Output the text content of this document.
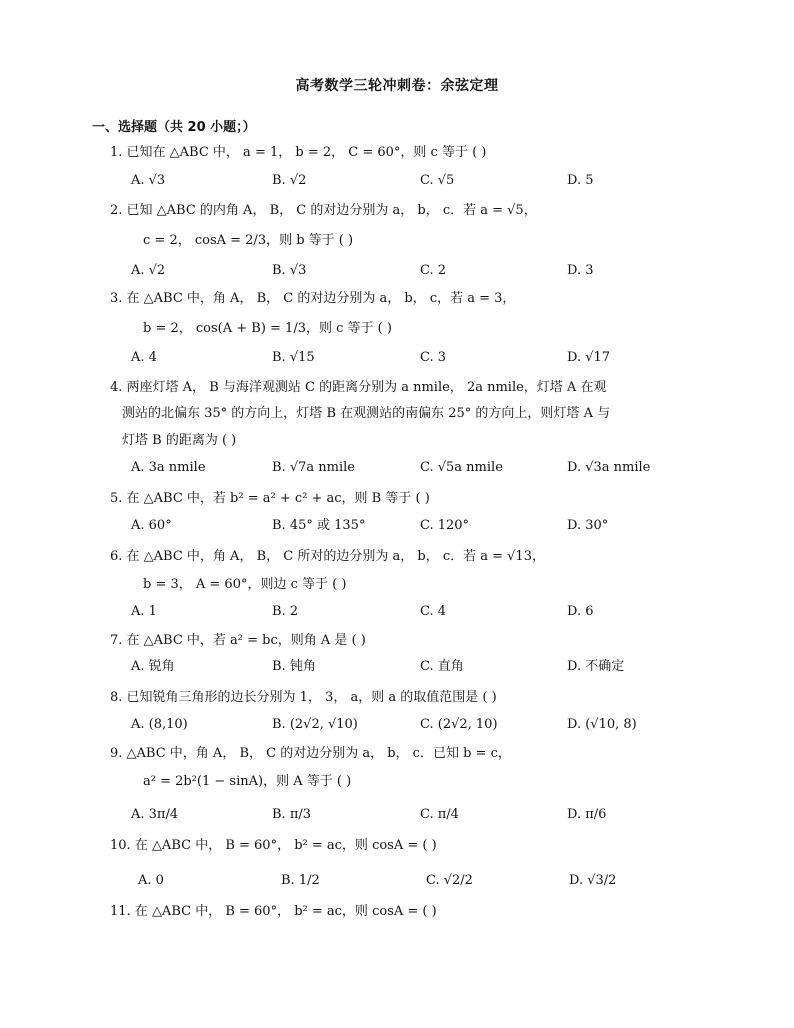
高考数学三轮冲刺卷：余弦定理
一、选择题（共 20 小题；）
1. 已知在 △ABC 中， a = 1， b = 2， C = 60°，则 c 等于 ( )
A. √3	B. √2	C. √5	D. 5
2. 已知 △ABC 的内角 A， B， C 的对边分别为 a， b， c．若 a = √5，
c = 2， cosA = 2/3，则 b 等于 ( )
A. √2	B. √3	C. 2	D. 3
3. 在 △ABC 中，角 A， B， C 的对边分别为 a， b， c，若 a = 3，
b = 2， cos(A + B) = 1/3，则 c 等于 ( )
A. 4	B. √15	C. 3	D. √17
4. 两座灯塔 A， B 与海洋观测站 C 的距离分别为 a nmile， 2a nmile，灯塔 A 在观
测站的北偏东 35° 的方向上，灯塔 B 在观测站的南偏东 25° 的方向上，则灯塔 A 与
灯塔 B 的距离为 ( )
A. 3a nmile	B. √7a nmile	C. √5a nmile	D. √3a nmile
5. 在 △ABC 中，若 b² = a² + c² + ac，则 B 等于 ( )
A. 60°	B. 45° 或 135°	C. 120°	D. 30°
6. 在 △ABC 中，角 A， B， C 所对的边分别为 a， b， c．若 a = √13，
b = 3， A = 60°，则边 c 等于 ( )
A. 1	B. 2	C. 4	D. 6
7. 在 △ABC 中，若 a² = bc，则角 A 是 ( )
A. 锐角	B. 钝角	C. 直角	D. 不确定
8. 已知锐角三角形的边长分别为 1， 3， a，则 a 的取值范围是 ( )
A. (8,10)	B. (2√2, √10)	C. (2√2, 10)	D. (√10, 8)
9. △ABC 中，角 A， B， C 的对边分别为 a， b， c．已知 b = c，
a² = 2b²(1 − sinA)，则 A 等于 ( )
A. 3π/4	B. π/3	C. π/4	D. π/6
10. 在 △ABC 中， B = 60°， b² = ac，则 cosA = ( )
A. 0	B. 1/2	C. √2/2	D. √3/2
11. 在 △ABC 中， B = 60°， b² = ac，则 cosA = ( )
